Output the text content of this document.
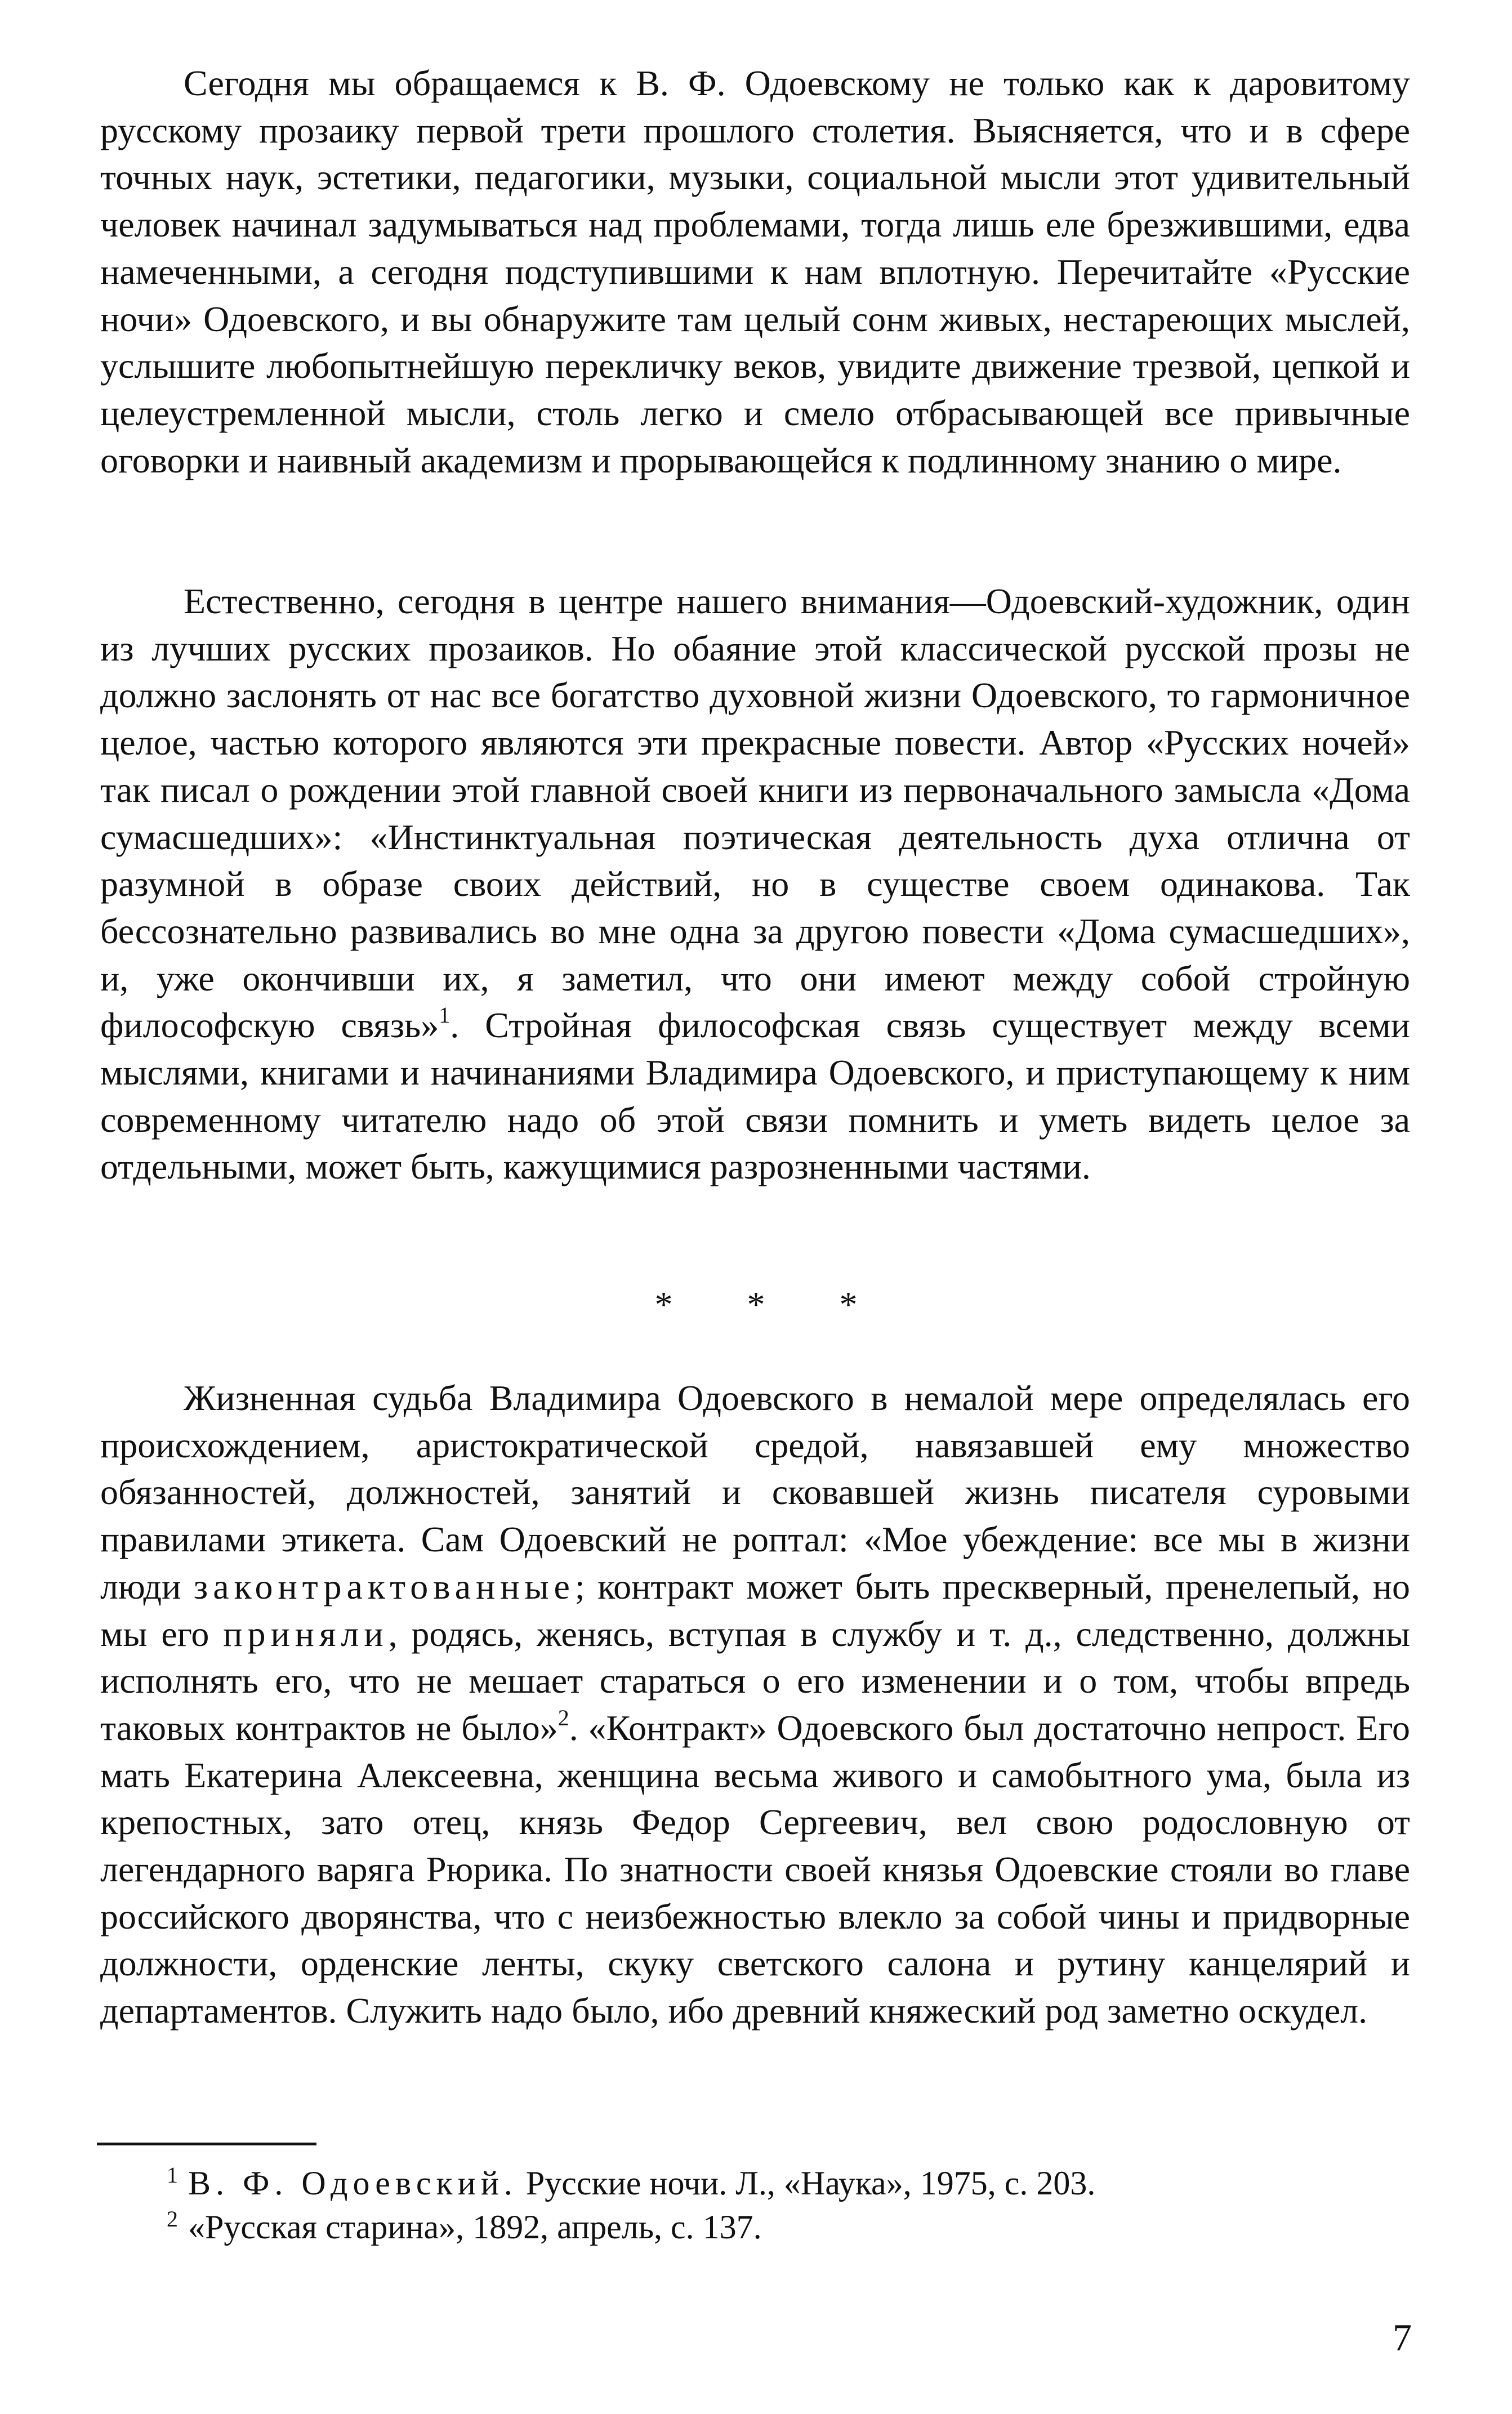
Сегодня мы обращаемся к В. Ф. Одоевскому не только как к даровитому русскому прозаику первой трети прошлого столетия. Выясняется, что и в сфере точных наук, эстетики, педагогики, музыки, социальной мысли этот удивительный человек начинал задумываться над проблемами, тогда лишь еле брезжившими, едва намеченными, а сегодня подступившими к нам вплотную. Перечитайте «Русские ночи» Одоевского, и вы обнаружите там целый сонм живых, нестареющих мыслей, услышите любопытнейшую перекличку веков, увидите движение трезвой, цепкой и целеустремленной мысли, столь легко и смело отбрасывающей все привычные оговорки и наивный академизм и прорывающейся к подлинному знанию о мире.

Естественно, сегодня в центре нашего внимания—Одоевский-художник, один из лучших русских прозаиков. Но обаяние этой классической русской прозы не должно заслонять от нас все богатство духовной жизни Одоевского, то гармоничное целое, частью которого являются эти прекрасные повести. Автор «Русских ночей» так писал о рождении этой главной своей книги из первоначального замысла «Дома сумасшедших»: «Инстинктуальная поэтическая деятельность духа отлична от разумной в образе своих действий, но в существе своем одинакова. Так бессознательно развивались во мне одна за другою повести «Дома сумасшедших», и, уже окончивши их, я заметил, что они имеют между собой стройную философскую связь»$^1$. Стройная философская связь существует между всеми мыслями, книгами и начинаниями Владимира Одоевского, и приступающему к ним современному читателю надо об этой связи помнить и уметь видеть целое за отдельными, может быть, кажущимися разрозненными частями.

* * *

Жизненная судьба Владимира Одоевского в немалой мере определялась его происхождением, аристократической средой, навязавшей ему множество обязанностей, должностей, занятий и сковавшей жизнь писателя суровыми правилами этикета. Сам Одоевский не роптал: «Мое убеждение: все мы в жизни люди законтрактованные; контракт может быть прескверный, пренелепый, но мы его приняли, родясь, женясь, вступая в службу и т. д., следственно, должны исполнять его, что не мешает стараться о его изменении и о том, чтобы впредь таковых контрактов не было»$^2$. «Контракт» Одоевского был достаточно непрост. Его мать Екатерина Алексеевна, женщина весьма живого и самобытного ума, была из крепостных, зато отец, князь Федор Сергеевич, вел свою родословную от легендарного варяга Рюрика. По знатности своей князья Одоевские стояли во главе российского дворянства, что с неизбежностью влекло за собой чины и придворные должности, орденские ленты, скуку светского салона и рутину канцелярий и департаментов. Служить надо было, ибо древний княжеский род заметно оскудел.

$^1$ В. Ф. Одоевский. Русские ночи. Л., «Наука», 1975, с. 203.

$^2$ «Русская старина», 1892, апрель, с. 137.

7
